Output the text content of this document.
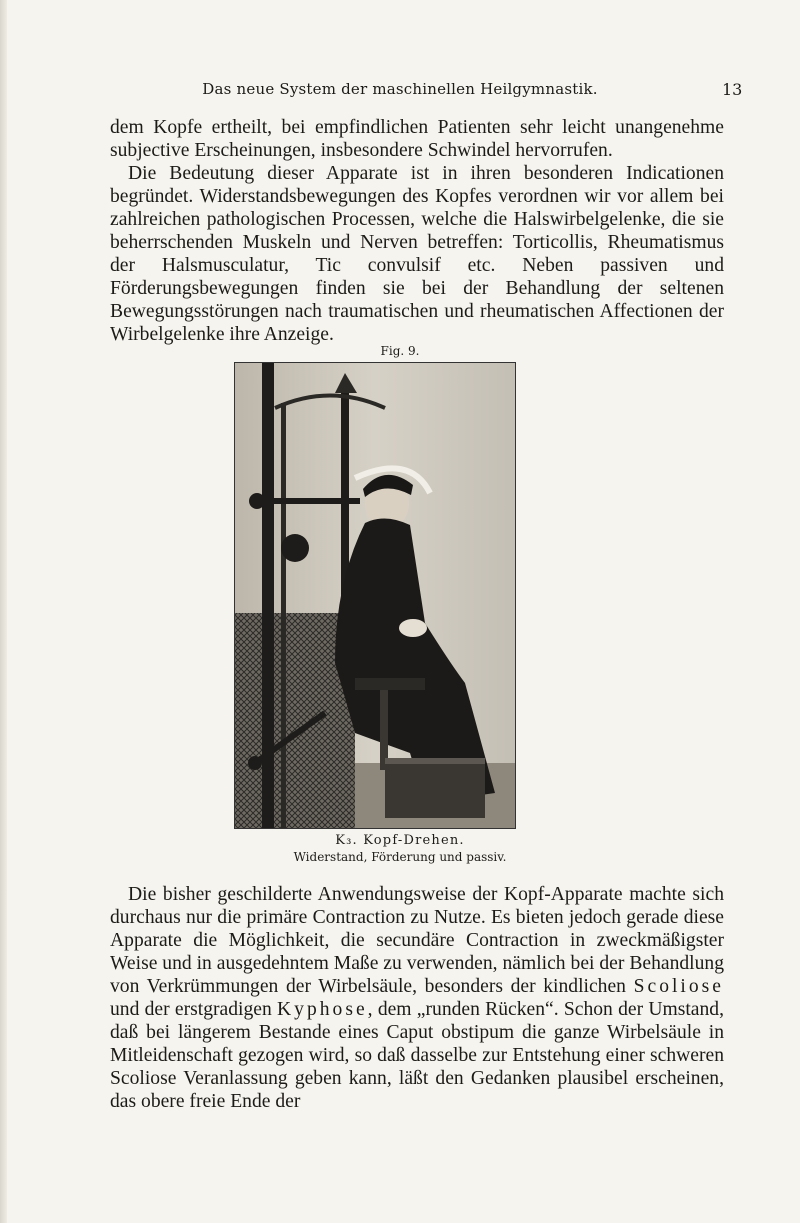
Das neue System der maschinellen Heilgymnastik.	13

dem Kopfe ertheilt, bei empfindlichen Patienten sehr leicht unangenehme subjective Erscheinungen, insbesondere Schwindel hervorrufen.

Die Bedeutung dieser Apparate ist in ihren besonderen Indicationen begründet. Widerstandsbewegungen des Kopfes verordnen wir vor allem bei zahlreichen pathologischen Processen, welche die Halswirbelgelenke, die sie beherrschenden Muskeln und Nerven betreffen: Torticollis, Rheumatismus der Halsmusculatur, Tic convulsif etc. Neben passiven und Förderungsbewegungen finden sie bei der Behandlung der seltenen Bewegungsstörungen nach traumatischen und rheumatischen Affectionen der Wirbelgelenke ihre Anzeige.

Fig. 9.
K₃. Kopf-Drehen.
Widerstand, Förderung und passiv.

Die bisher geschilderte Anwendungsweise der Kopf-Apparate machte sich durchaus nur die primäre Contraction zu Nutze. Es bieten jedoch gerade diese Apparate die Möglichkeit, die secundäre Contraction in zweckmäßigster Weise und in ausgedehntem Maße zu verwenden, nämlich bei der Behandlung von Verkrümmungen der Wirbelsäule, besonders der kindlichen Scoliose und der erstgradigen Kyphose, dem „runden Rücken“. Schon der Umstand, daß bei längerem Bestande eines Caput obstipum die ganze Wirbelsäule in Mitleidenschaft gezogen wird, so daß dasselbe zur Entstehung einer schweren Scoliose Veranlassung geben kann, läßt den Gedanken plausibel erscheinen, das obere freie Ende der
